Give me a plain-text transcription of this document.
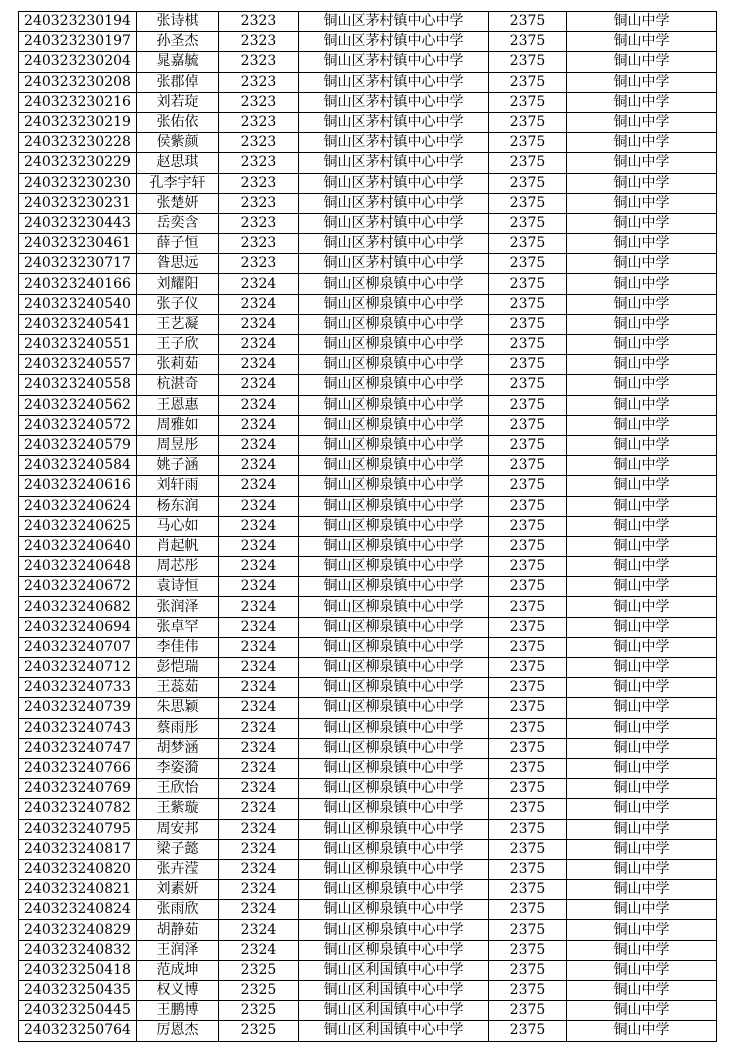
240323230194	张诗棋	2323	铜山区茅村镇中心中学	2375	铜山中学
240323230197	孙圣杰	2323	铜山区茅村镇中心中学	2375	铜山中学
240323230204	晁嘉毓	2323	铜山区茅村镇中心中学	2375	铜山中学
240323230208	张郡倬	2323	铜山区茅村镇中心中学	2375	铜山中学
240323230216	刘若琁	2323	铜山区茅村镇中心中学	2375	铜山中学
240323230219	张佑依	2323	铜山区茅村镇中心中学	2375	铜山中学
240323230228	侯紫颜	2323	铜山区茅村镇中心中学	2375	铜山中学
240323230229	赵思琪	2323	铜山区茅村镇中心中学	2375	铜山中学
240323230230	孔李宇轩	2323	铜山区茅村镇中心中学	2375	铜山中学
240323230231	张楚妍	2323	铜山区茅村镇中心中学	2375	铜山中学
240323230443	岳奕含	2323	铜山区茅村镇中心中学	2375	铜山中学
240323230461	薛子恒	2323	铜山区茅村镇中心中学	2375	铜山中学
240323230717	昝思远	2323	铜山区茅村镇中心中学	2375	铜山中学
240323240166	刘耀阳	2324	铜山区柳泉镇中心中学	2375	铜山中学
240323240540	张子仪	2324	铜山区柳泉镇中心中学	2375	铜山中学
240323240541	王艺凝	2324	铜山区柳泉镇中心中学	2375	铜山中学
240323240551	王子欣	2324	铜山区柳泉镇中心中学	2375	铜山中学
240323240557	张莉茹	2324	铜山区柳泉镇中心中学	2375	铜山中学
240323240558	杭湛奇	2324	铜山区柳泉镇中心中学	2375	铜山中学
240323240562	王恩惠	2324	铜山区柳泉镇中心中学	2375	铜山中学
240323240572	周雅如	2324	铜山区柳泉镇中心中学	2375	铜山中学
240323240579	周昱彤	2324	铜山区柳泉镇中心中学	2375	铜山中学
240323240584	姚子涵	2324	铜山区柳泉镇中心中学	2375	铜山中学
240323240616	刘轩雨	2324	铜山区柳泉镇中心中学	2375	铜山中学
240323240624	杨东润	2324	铜山区柳泉镇中心中学	2375	铜山中学
240323240625	马心如	2324	铜山区柳泉镇中心中学	2375	铜山中学
240323240640	肖起帆	2324	铜山区柳泉镇中心中学	2375	铜山中学
240323240648	周芯彤	2324	铜山区柳泉镇中心中学	2375	铜山中学
240323240672	袁诗恒	2324	铜山区柳泉镇中心中学	2375	铜山中学
240323240682	张润泽	2324	铜山区柳泉镇中心中学	2375	铜山中学
240323240694	张卓罕	2324	铜山区柳泉镇中心中学	2375	铜山中学
240323240707	李佳伟	2324	铜山区柳泉镇中心中学	2375	铜山中学
240323240712	彭恺瑞	2324	铜山区柳泉镇中心中学	2375	铜山中学
240323240733	王蕊茹	2324	铜山区柳泉镇中心中学	2375	铜山中学
240323240739	朱思颖	2324	铜山区柳泉镇中心中学	2375	铜山中学
240323240743	蔡雨彤	2324	铜山区柳泉镇中心中学	2375	铜山中学
240323240747	胡梦涵	2324	铜山区柳泉镇中心中学	2375	铜山中学
240323240766	李姿漪	2324	铜山区柳泉镇中心中学	2375	铜山中学
240323240769	王欣怡	2324	铜山区柳泉镇中心中学	2375	铜山中学
240323240782	王紫璇	2324	铜山区柳泉镇中心中学	2375	铜山中学
240323240795	周安邦	2324	铜山区柳泉镇中心中学	2375	铜山中学
240323240817	梁子懿	2324	铜山区柳泉镇中心中学	2375	铜山中学
240323240820	张卉滢	2324	铜山区柳泉镇中心中学	2375	铜山中学
240323240821	刘素妍	2324	铜山区柳泉镇中心中学	2375	铜山中学
240323240824	张雨欣	2324	铜山区柳泉镇中心中学	2375	铜山中学
240323240829	胡静茹	2324	铜山区柳泉镇中心中学	2375	铜山中学
240323240832	王润泽	2324	铜山区柳泉镇中心中学	2375	铜山中学
240323250418	范成坤	2325	铜山区利国镇中心中学	2375	铜山中学
240323250435	权义博	2325	铜山区利国镇中心中学	2375	铜山中学
240323250445	王鹏博	2325	铜山区利国镇中心中学	2375	铜山中学
240323250764	厉恩杰	2325	铜山区利国镇中心中学	2375	铜山中学
